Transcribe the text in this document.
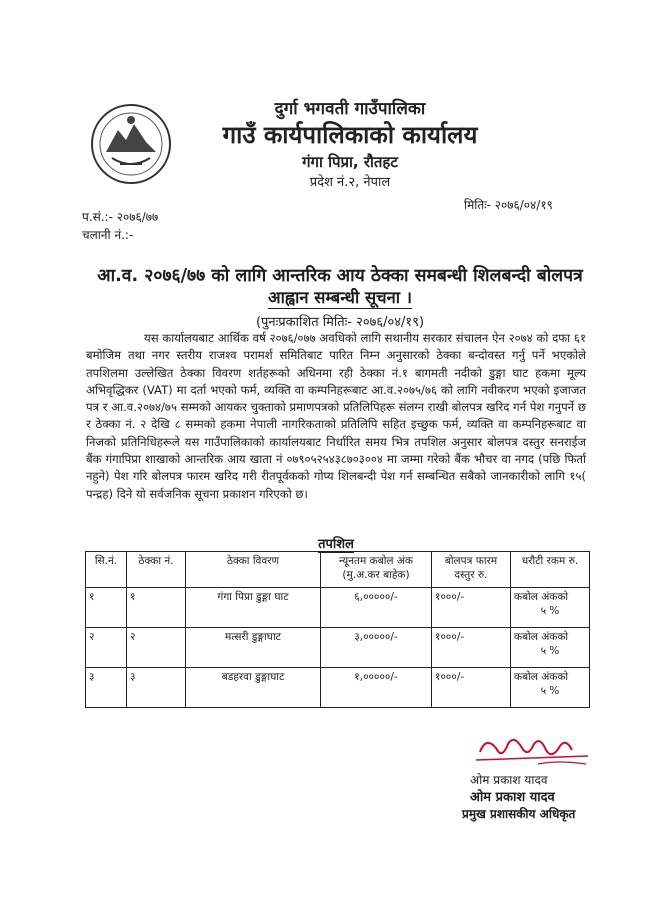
दुर्गा भगवती गाउँपालिका
गाउँ कार्यपालिकाको कार्यालय
गंगा पिप्रा, रौतहट
प्रदेश नं.२, नेपाल
प.सं.:- २०७६/७७
चलानी नं.:-
मितिः- २०७६/०४/१९
आ.व. २०७६/७७ को लागि आन्तरिक आय ठेक्का समबन्धी शिलबन्दी बोलपत्र
आह्वान सम्बन्धी सूचना ।
(पुनःप्रकाशित मितिः- २०७६/०४/१९)
यस कार्यालयबाट आर्थिक वर्ष २०७६/०७७ अवधिको लागि सथानीय सरकार संचालन ऐन २०७४ को दफा ६१ बमोजिम तथा नगर स्तरीय राजश्व परामर्श समितिबाट पारित निम्न अनुसारको ठेक्का बन्दोवस्त गर्नु पर्ने भएकोले तपशिलमा उल्लेखित ठेक्का विवरण शर्तहरूको अधिनमा रही ठेक्का नं.१ बागमती नदीको डुङ्गा घाट हकमा मूल्य अभिवृद्धिकर (VAT) मा दर्ता भएको फर्म, व्यक्ति वा कम्पनिहरूबाट आ.व.२०७५/७६ को लागि नवीकरण भएको इजाजत पत्र र आ.व.२०७४/७५ सम्मको आयकर चुक्ताको प्रमाणपत्रको प्रतिलिपिहरू संलग्न राखी बोलपत्र खरिद गर्न पेश गनुपर्ने छ र ठेक्का नं. २ देखि ८ सम्मको हकमा नेपाली नागरिकताको प्रतिलिपि सहित इच्छुक फर्म, व्यक्ति वा कम्पनिहरूबाट वा निजको प्रतिनिधिहरूले यस गाउँपालिकाको कार्यालयबाट निर्धारित समय भित्र तपशिल अनुसार बोलपत्र दस्तुर सनराईज बैंक गंगापिप्रा शाखाको आन्तरिक आय खाता नं ०७९०५२५४३८७०३००४ मा जम्मा गरेको बैंक भौचर वा नगद (पछि फिर्ता नहुने) पेश गरि बोलपत्र फारम खरिद गरी रीतपूर्वकको गोप्य शिलबन्दी पेश गर्न सम्बन्धित सबैको जानकारीको लागि १५( पन्द्रह) दिने यो सर्वजनिक सूचना प्रकाशन गरिएको छ।
तपशिल
सि.नं.	ठेक्का नं.	ठेक्का विवरण	न्यूनतम कबोल अंक (मु.अ.कर बाहेक)	बोलपत्र फारम दस्तुर रु.	धरौटी रकम रु.
१	१	गंगा पिप्रा डुङ्गा घाट	६,०००००/-	१०००/-	कबोल अंकको
५ %

२	२	मत्सरी डुङ्गाघाट	३,०००००/-	१०००/-	कबोल अंकको
५ %

३	३	बडहरवा डुङ्गाघाट	१,०००००/-	१०००/-	कबोल अंकको
५ %
ओम प्रकाश यादव
ओम प्रकाश यादव
प्रमुख प्रशासकीय अधिकृत
